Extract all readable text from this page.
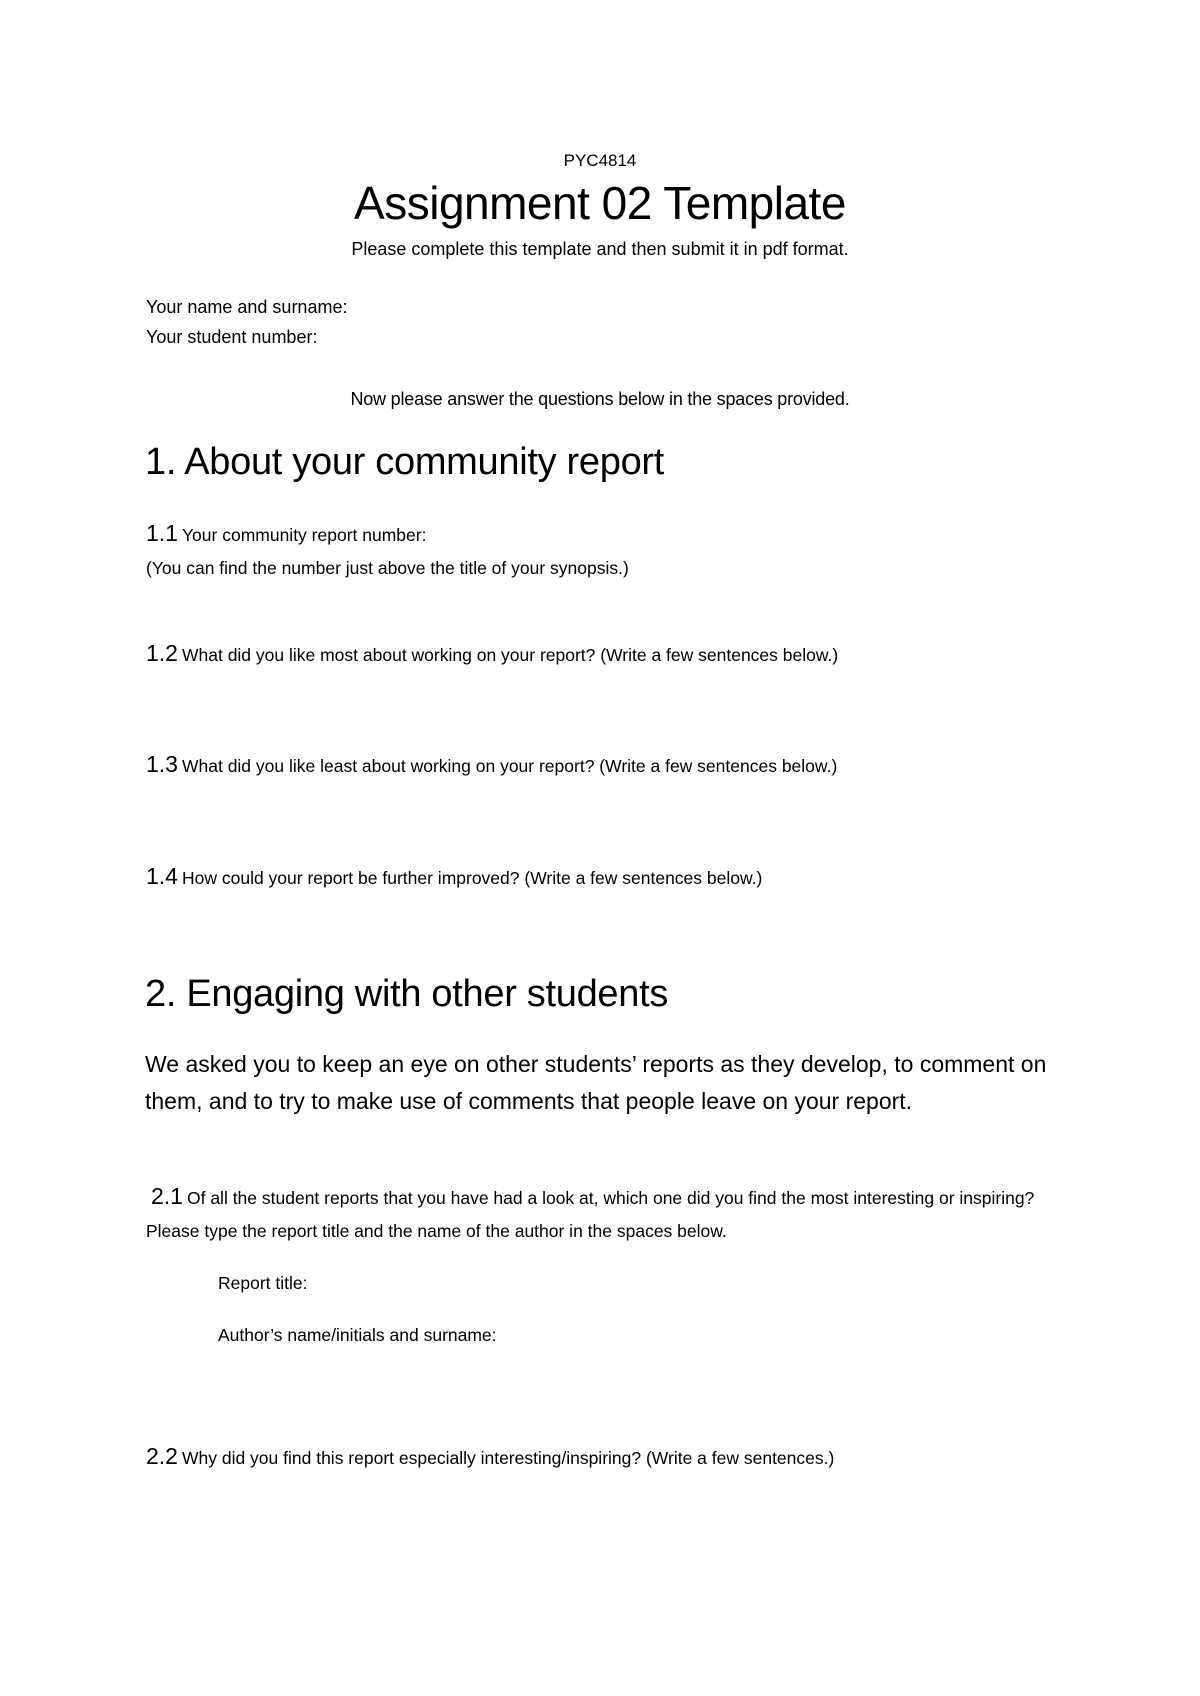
PYC4814
Assignment 02 Template
Please complete this template and then submit it in pdf format.
Your name and surname:
Your student number:
Now please answer the questions below in the spaces provided.
1. About your community report
1.1 Your community report number:
(You can find the number just above the title of your synopsis.)
1.2 What did you like most about working on your report? (Write a few sentences below.)
1.3 What did you like least about working on your report? (Write a few sentences below.)
1.4 How could your report be further improved? (Write a few sentences below.)
2. Engaging with other students
We asked you to keep an eye on other students’ reports as they develop, to comment on them, and to try to make use of comments that people leave on your report.
2.1 Of all the student reports that you have had a look at, which one did you find the most interesting or inspiring? Please type the report title and the name of the author in the spaces below.
Report title:
Author’s name/initials and surname:
2.2 Why did you find this report especially interesting/inspiring? (Write a few sentences.)
